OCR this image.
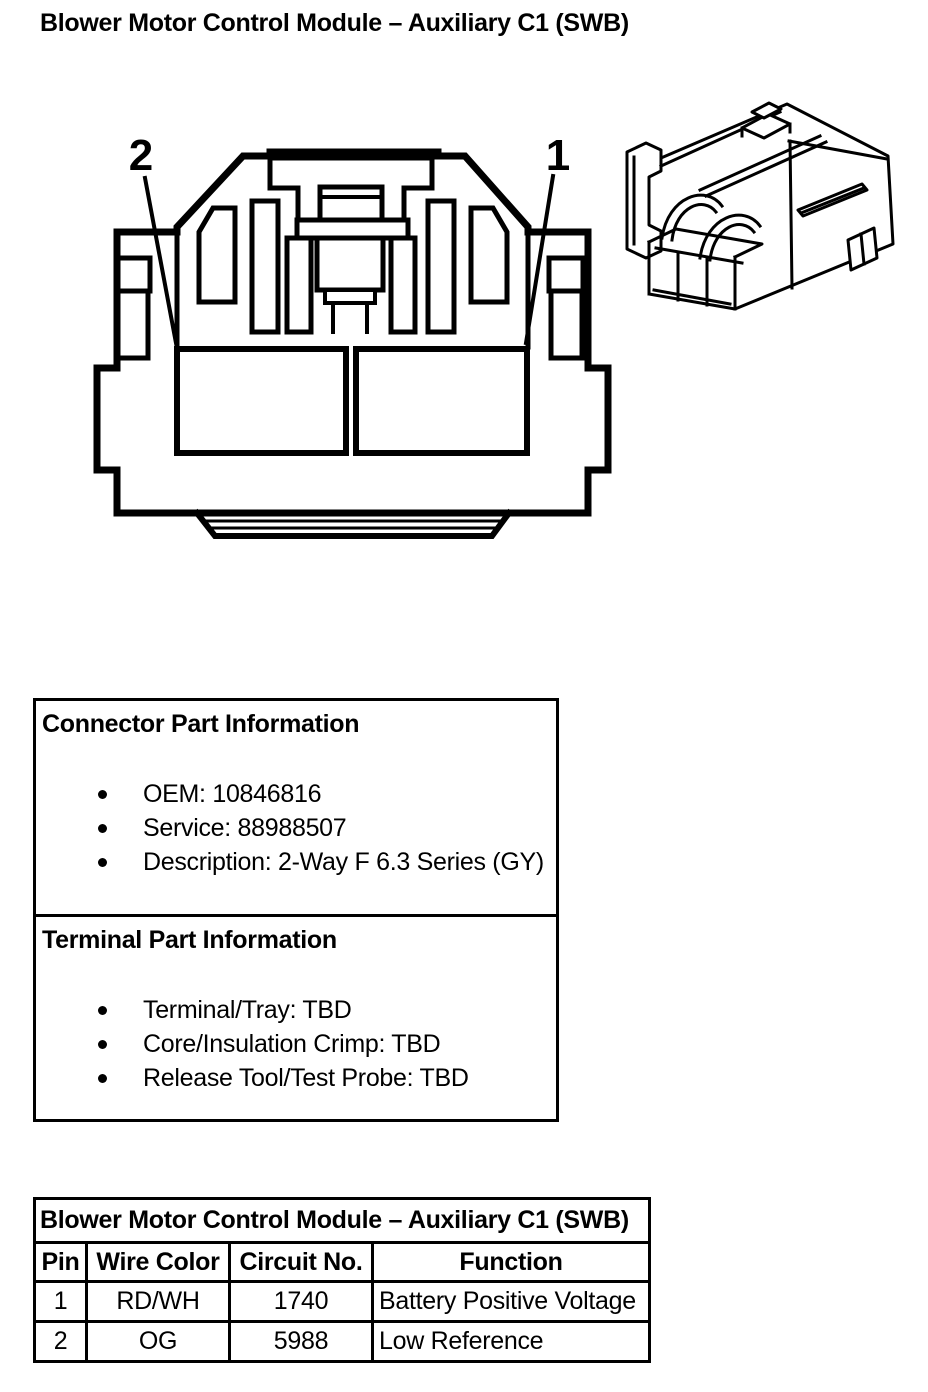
Blower Motor Control Module – Auxiliary C1 (SWB)
2	1
Connector Part Information
OEM: 10846816
Service: 88988507
Description: 2-Way F 6.3 Series (GY)
Terminal Part Information
Terminal/Tray: TBD
Core/Insulation Crimp: TBD
Release Tool/Test Probe: TBD
Blower Motor Control Module – Auxiliary C1 (SWB)			
Pin	Wire Color	Circuit No.	Function
1	RD/WH	1740	Battery Positive Voltage
2	OG	5988	Low Reference
